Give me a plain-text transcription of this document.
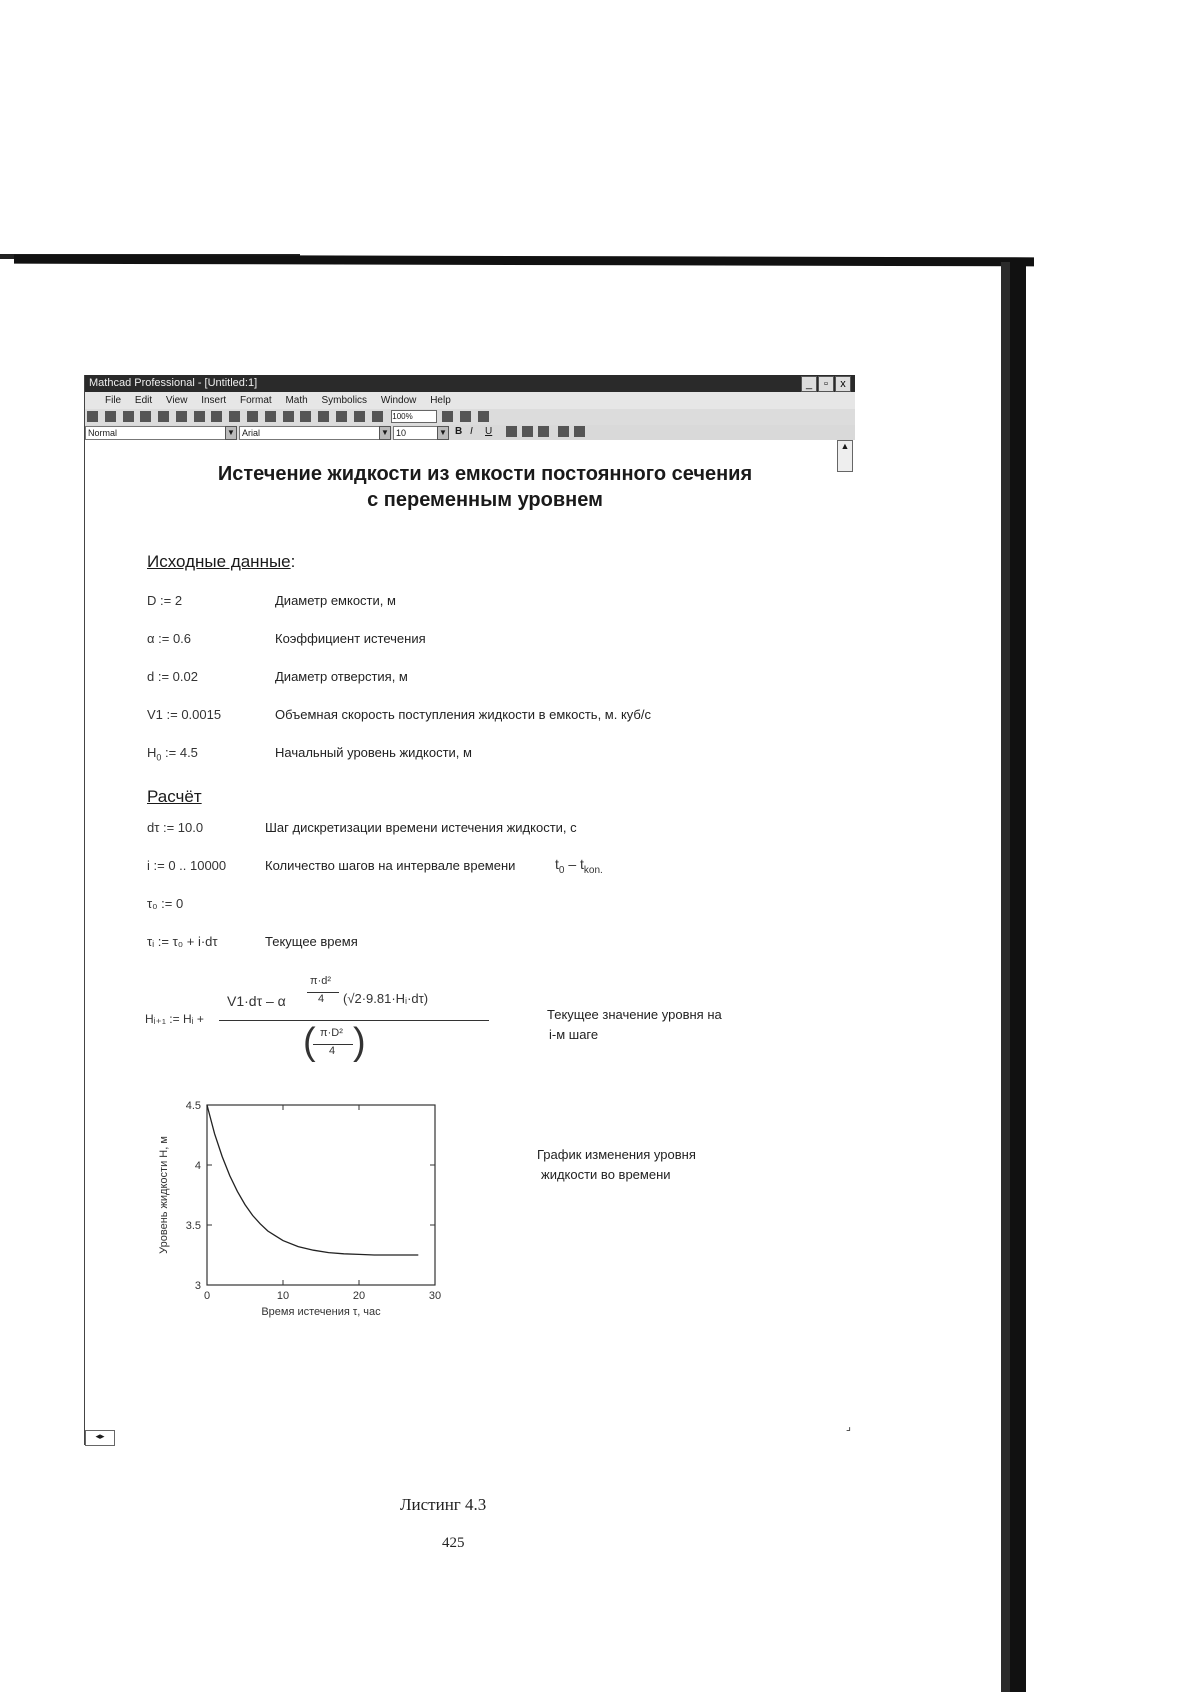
Mathcad Professional - [Untitled:1]	_	▫	x
File Edit View Insert Format Math Symbolics Window Help
100%
Normal	▼ Arial	▼ 10	▼ B I U
▲
Истечение жидкости из емкости постоянного сечения
с переменным уровнем
Исходные данные:
D := 2	Диаметр емкости, м
α := 0.6	Коэффициент истечения
d := 0.02	Диаметр отверстия, м
V1 := 0.0015	Объемная скорость поступления жидкости в емкость, м. куб/с
$H_0$ := 4.5	Начальный уровень жидкости, м
Расчёт
dτ := 10.0	Шаг дискретизации времени истечения жидкости, с
i := 0 .. 10000	Количество шагов на интервале времени	$t_0 - t_{kon.}$
τ₀ := 0
τᵢ := τ₀ + i·dτ	Текущее время
Hᵢ₊₁ := Hᵢ +
V1·dτ – α
π·d²
4 (√2·9.81·Hᵢ·dτ)
π·D²
4
( )
Текущее значение уровня на
i-м шаге
0	10	20	30
3
3.5
4
4.5
Время истечения τ, час
Уровень жидкости H, м	График изменения уровня
жидкости во времени
◂▸
⌟
Листинг 4.3
425
